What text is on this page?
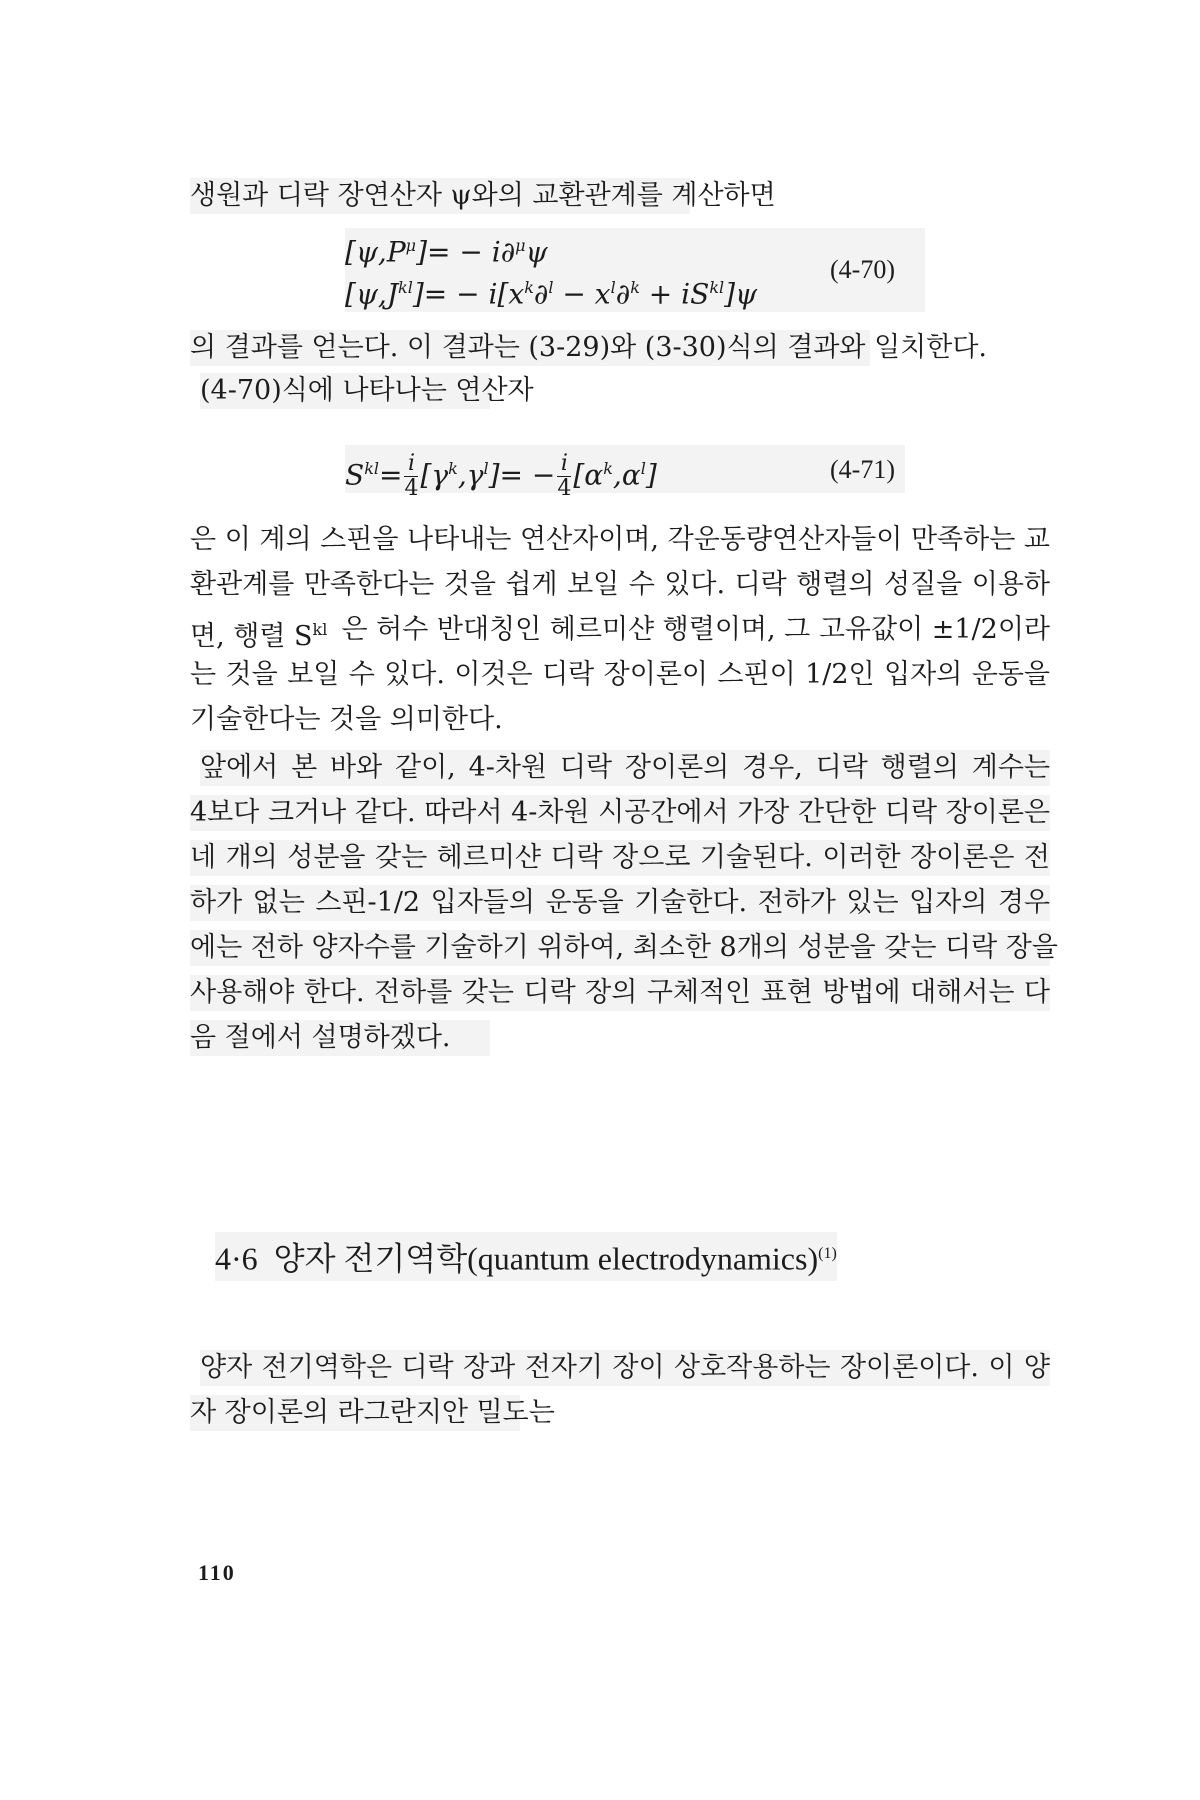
생원과 디락 장연산자 ψ와의 교환관계를 계산하면
$[\psi,P^\mu]= - i\partial^\mu\psi$
$[\psi,J^{kl}]= - i[x^k\partial^l - x^l\partial^k + iS^{kl}]\psi$
(4-70)
의 결과를 얻는다. 이 결과는 (3-29)와 (3-30)식의 결과와 일치한다.
(4-70)식에 나타나는 연산자
$S^{kl}= \frac{i}{4} [\gamma^k,\gamma^l]= - \frac{i}{4} [\alpha^k,\alpha^l]$	(4-71)
은 이 계의 스핀을 나타내는 연산자이며, 각운동량연산자들이 만족하는 교
환관계를 만족한다는 것을 쉽게 보일 수 있다. 디락 행렬의 성질을 이용하
면, 행렬 $S^{kl}$ 은 허수 반대칭인 헤르미샨 행렬이며, 그 고유값이 ±1/2이라
는 것을 보일 수 있다. 이것은 디락 장이론이 스핀이 1/2인 입자의 운동을
기술한다는 것을 의미한다.
앞에서 본 바와 같이, 4-차원 디락 장이론의 경우, 디락 행렬의 계수는
4보다 크거나 같다. 따라서 4-차원 시공간에서 가장 간단한 디락 장이론은
네 개의 성분을 갖는 헤르미샨 디락 장으로 기술된다. 이러한 장이론은 전
하가 없는 스핀-1/2 입자들의 운동을 기술한다. 전하가 있는 입자의 경우
에는 전하 양자수를 기술하기 위하여, 최소한 8개의 성분을 갖는 디락 장을
사용해야 한다. 전하를 갖는 디락 장의 구체적인 표현 방법에 대해서는 다
음 절에서 설명하겠다.
4·6 양자 전기역학(quantum electrodynamics)$^{(1)}$
양자 전기역학은 디락 장과 전자기 장이 상호작용하는 장이론이다. 이 양
자 장이론의 라그란지안 밀도는
110
